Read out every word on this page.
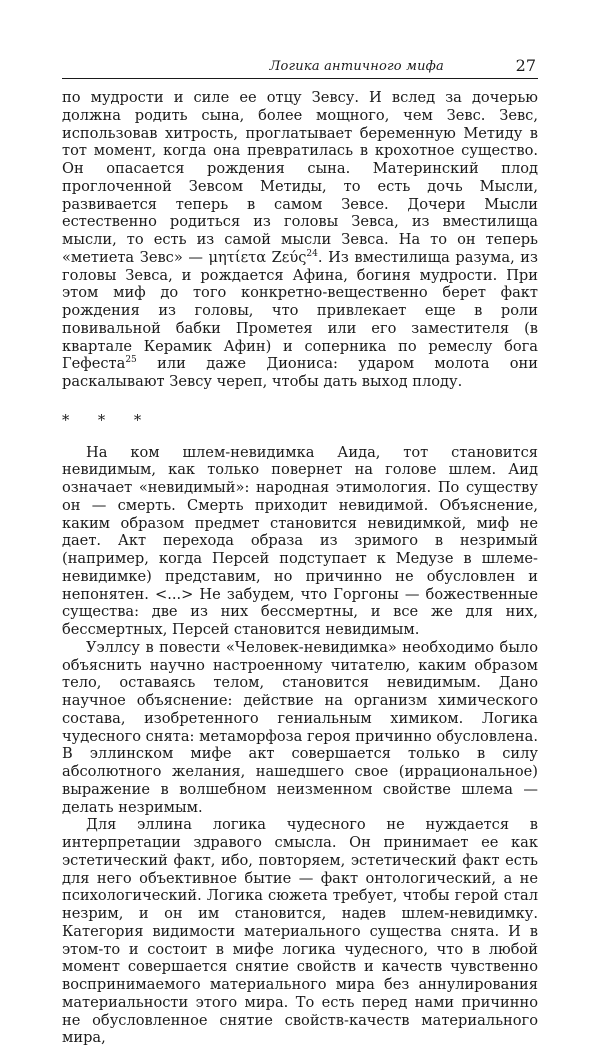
Логика античного мифа	27

по мудрости и силе ее отцу Зевсу. И вслед за дочерью должна родить сына, более мощного, чем Зевс. Зевс, использовав хитрость, проглатывает беременную Метиду в тот момент, когда она превратилась в крохотное существо. Он опасается рождения сына. Материнский плод проглоченной Зевсом Метиды, то есть дочь Мысли, развивается теперь в самом Зевсе. Дочери Мысли естественно родиться из головы Зевса, из вместилища мысли, то есть из самой мысли Зевса. На то он теперь «метиета Зевс» — μητίετα Ζεύς$^{24}$. Из вместилища разума, из головы Зевса, и рождается Афина, богиня мудрости. При этом миф до того конкретно-вещественно берет факт рождения из головы, что привлекает еще в роли повивальной бабки Прометея или его заместителя (в квартале Керамик Афин) и соперника по ремеслу бога Гефеста$^{25}$ или даже Диониса: ударом молота они раскалывают Зевсу череп, чтобы дать выход плоду.

* * *

На ком шлем-невидимка Аида, тот становится невидимым, как только повернет на голове шлем. Аид означает «невидимый»: народная этимология. По существу он — смерть. Смерть приходит невидимой. Объяснение, каким образом предмет становится невидимкой, миф не дает. Акт перехода образа из зримого в незримый (например, когда Персей подступает к Медузе в шлеме-невидимке) представим, но причинно не обусловлен и непонятен. <...> Не забудем, что Горгоны — божественные существа: две из них бессмертны, и все же для них, бессмертных, Персей становится невидимым.

Уэллсу в повести «Человек-невидимка» необходимо было объяснить научно настроенному читателю, каким образом тело, оставаясь телом, становится невидимым. Дано научное объяснение: действие на организм химического состава, изобретенного гениальным химиком. Логика чудесного снята: метаморфоза героя причинно обусловлена. В эллинском мифе акт совершается только в силу абсолютного желания, нашедшего свое (иррациональное) выражение в волшебном неизменном свойстве шлема — делать незримым.

Для эллина логика чудесного не нуждается в интерпретации здравого смысла. Он принимает ее как эстетический факт, ибо, повторяем, эстетический факт есть для него объективное бытие — факт онтологический, а не психологический. Логика сюжета требует, чтобы герой стал незрим, и он им становится, надев шлем-невидимку. Категория видимости материального существа снята. И в этом-то и состоит в мифе логика чудесного, что в любой момент совершается снятие свойств и качеств чувственно воспринимаемого материального мира без аннулирования материальности этого мира. То есть перед нами причинно не обусловленное снятие свойств-качеств материального мира,
